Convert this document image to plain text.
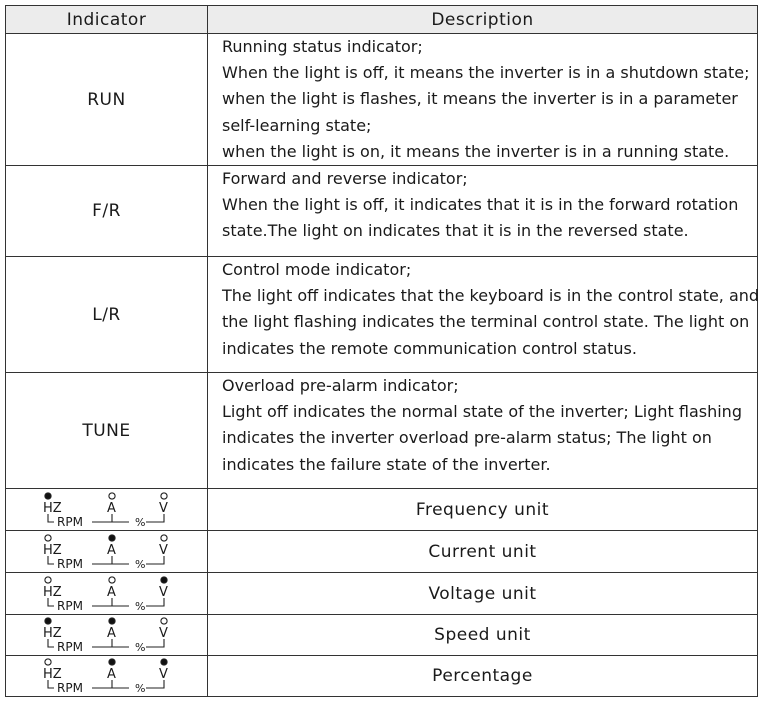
Indicator	Description
RUN	Running status indicator;
When the light is off, it means the inverter is in a shutdown state;
when the light is flashes, it means the inverter is in a parameter
self-learning state;
when the light is on, it means the inverter is in a running state.

F/R	Forward and reverse indicator;
When the light is off, it indicates that it is in the forward rotation
state.The light on indicates that it is in the reversed state.

L/R	Control mode indicator;
The light off indicates that the keyboard is in the control state, and
the light flashing indicates the terminal control state. The light on
indicates the remote communication control status.

TUNE	Overload pre-alarm indicator;
Light off indicates the normal state of the inverter; Light flashing
indicates the inverter overload pre-alarm status; The light on
indicates the failure state of the inverter.

HZ A V
RPM %	Frequency unit

HZ A V
RPM %	Current unit

HZ A V
RPM %	Voltage unit

HZ A V
RPM %	Speed unit

HZ A V
RPM %	Percentage
